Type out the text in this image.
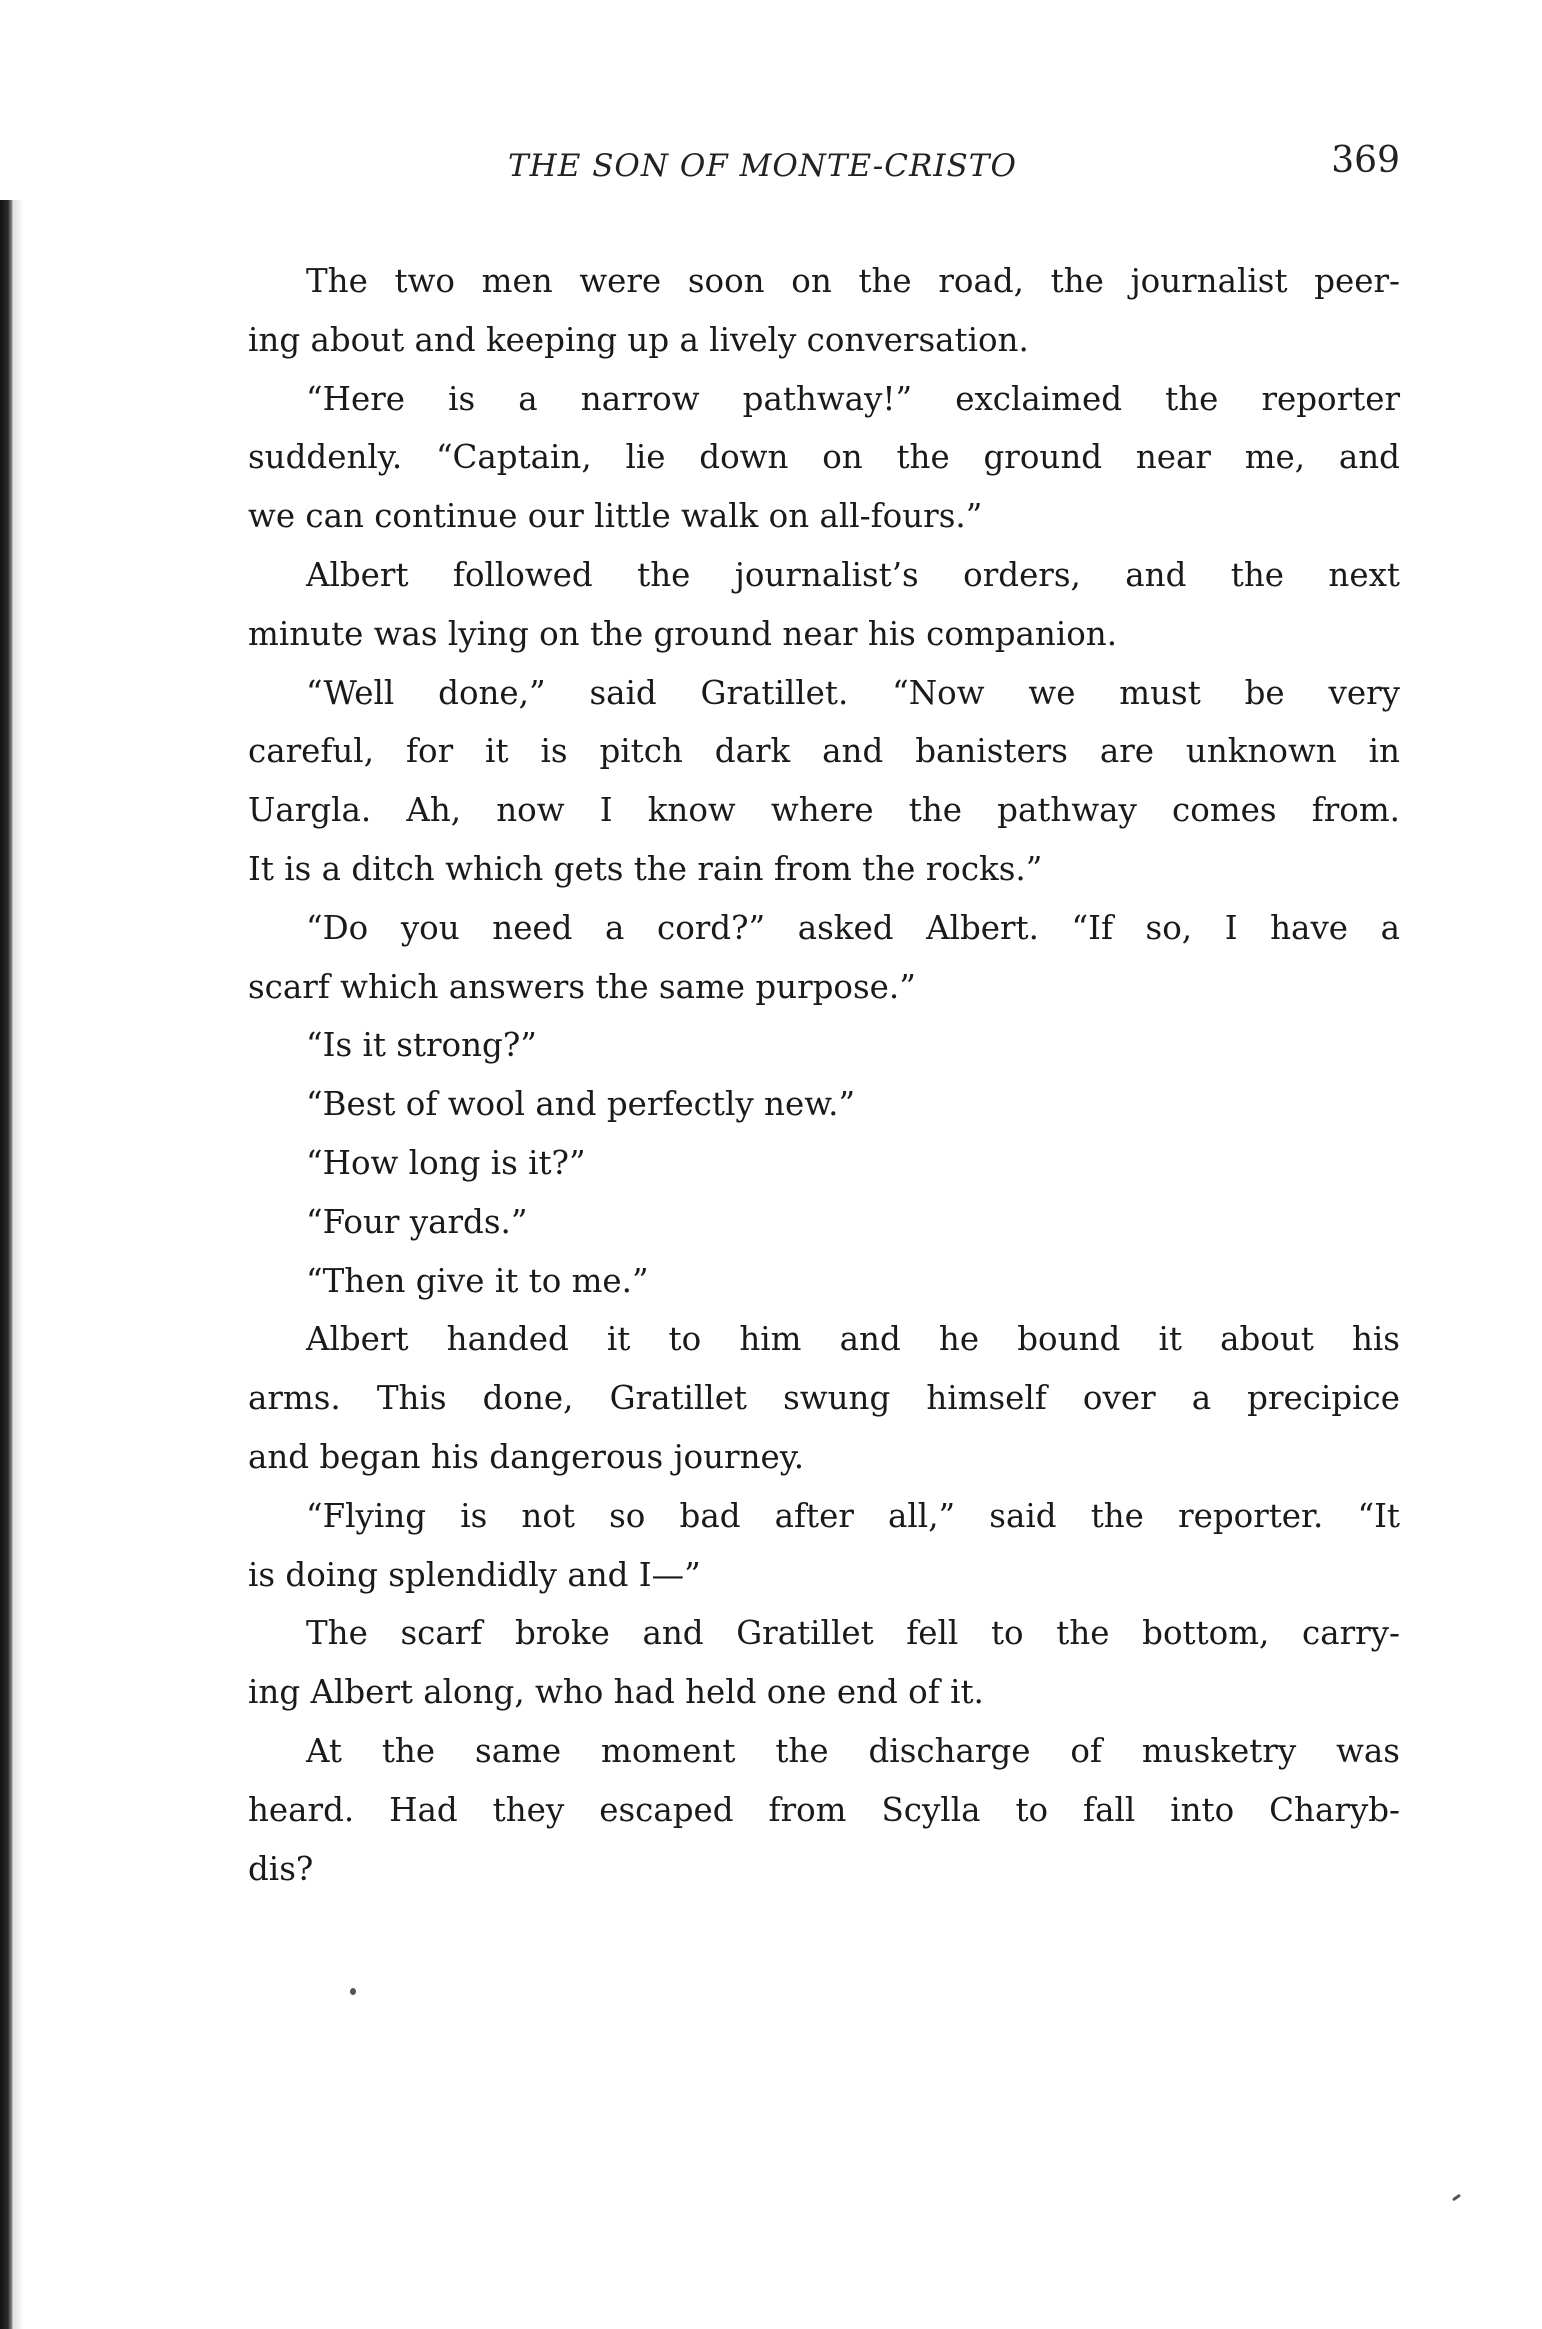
THE SON OF MONTE-CRISTO	369
The two men were soon on the road, the journalist peer-
ing about and keeping up a lively conversation.
“Here is a narrow pathway!” exclaimed the reporter
suddenly. “Captain, lie down on the ground near me, and
we can continue our little walk on all-fours.”
Albert followed the journalist’s orders, and the next
minute was lying on the ground near his companion.
“Well done,” said Gratillet. “Now we must be very
careful, for it is pitch dark and banisters are unknown in
Uargla. Ah, now I know where the pathway comes from.
It is a ditch which gets the rain from the rocks.”
“Do you need a cord?” asked Albert. “If so, I have a
scarf which answers the same purpose.”
“Is it strong?”
“Best of wool and perfectly new.”
“How long is it?”
“Four yards.”
“Then give it to me.”
Albert handed it to him and he bound it about his
arms. This done, Gratillet swung himself over a precipice
and began his dangerous journey.
“Flying is not so bad after all,” said the reporter. “It
is doing splendidly and I—”
The scarf broke and Gratillet fell to the bottom, carry-
ing Albert along, who had held one end of it.
At the same moment the discharge of musketry was
heard. Had they escaped from Scylla to fall into Charyb-
dis?
